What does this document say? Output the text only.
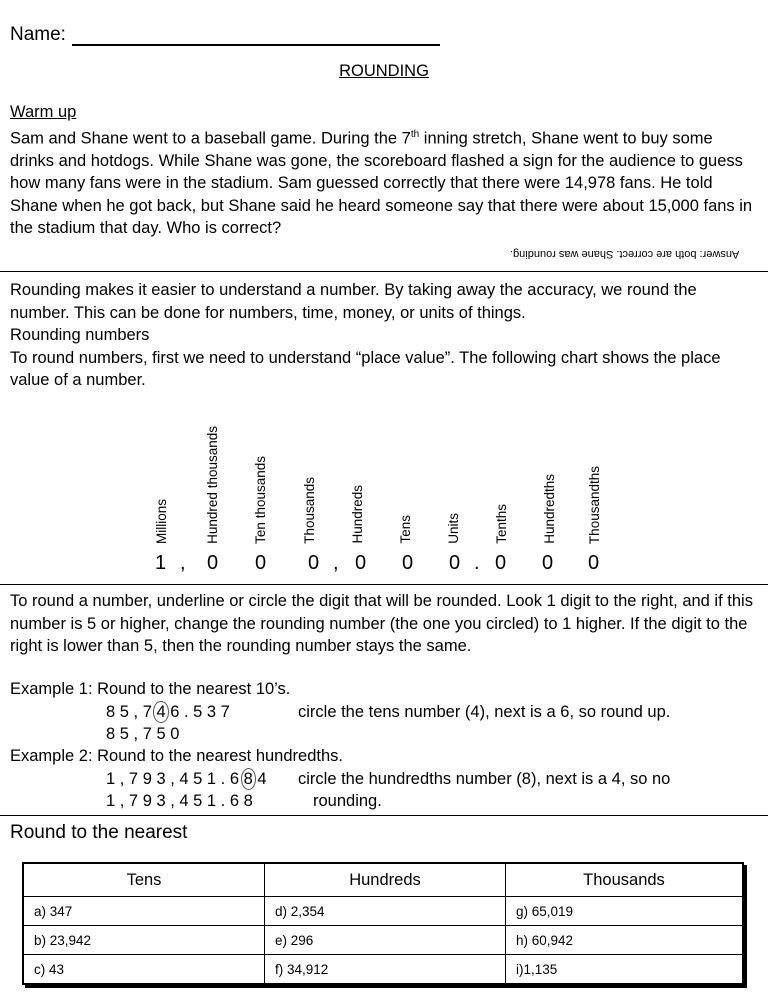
Name:
ROUNDING
Warm up
Sam and Shane went to a baseball game. During the 7th inning stretch, Shane went to buy some drinks and hotdogs. While Shane was gone, the scoreboard flashed a sign for the audience to guess how many fans were in the stadium. Sam guessed correctly that there were 14,978 fans. He told Shane when he got back, but Shane said he heard someone say that there were about 15,000 fans in the stadium that day. Who is correct?
Answer: both are correct. Shane was rounding.
Rounding makes it easier to understand a number. By taking away the accuracy, we round the number. This can be done for numbers, time, money, or units of things.
Rounding numbers
To round numbers, first we need to understand “place value”. The following chart shows the place value of a number.
Millions	Hundred thousands Ten thousands	Thousands Hundreds Tens Units Tenths Hundredths Thousandths
1 , 0 0 0 , 0 0 0 . 0 0 0
To round a number, underline or circle the digit that will be rounded. Look 1 digit to the right, and if this number is 5 or higher, change the rounding number (the one you circled) to 1 higher. If the digit to the right is lower than 5, then the rounding number stays the same.
Example 1: Round to the nearest 10’s.
8 5 , 7 4 6 . 5 3 7	circle the tens number (4), next is a 6, so round up.
8 5 , 7 5 0
Example 2: Round to the nearest hundredths.
1 , 7 9 3 , 4 5 1 . 6 8 4 circle the hundredths number (8), next is a 4, so no
1 , 7 9 3 , 4 5 1 . 6 8	rounding.
Round to the nearest
Tens	Hundreds	Thousands
a) 347	d) 2,354	g) 65,019
b) 23,942	e) 296	h) 60,942
c) 43	f) 34,912	i)1,135
